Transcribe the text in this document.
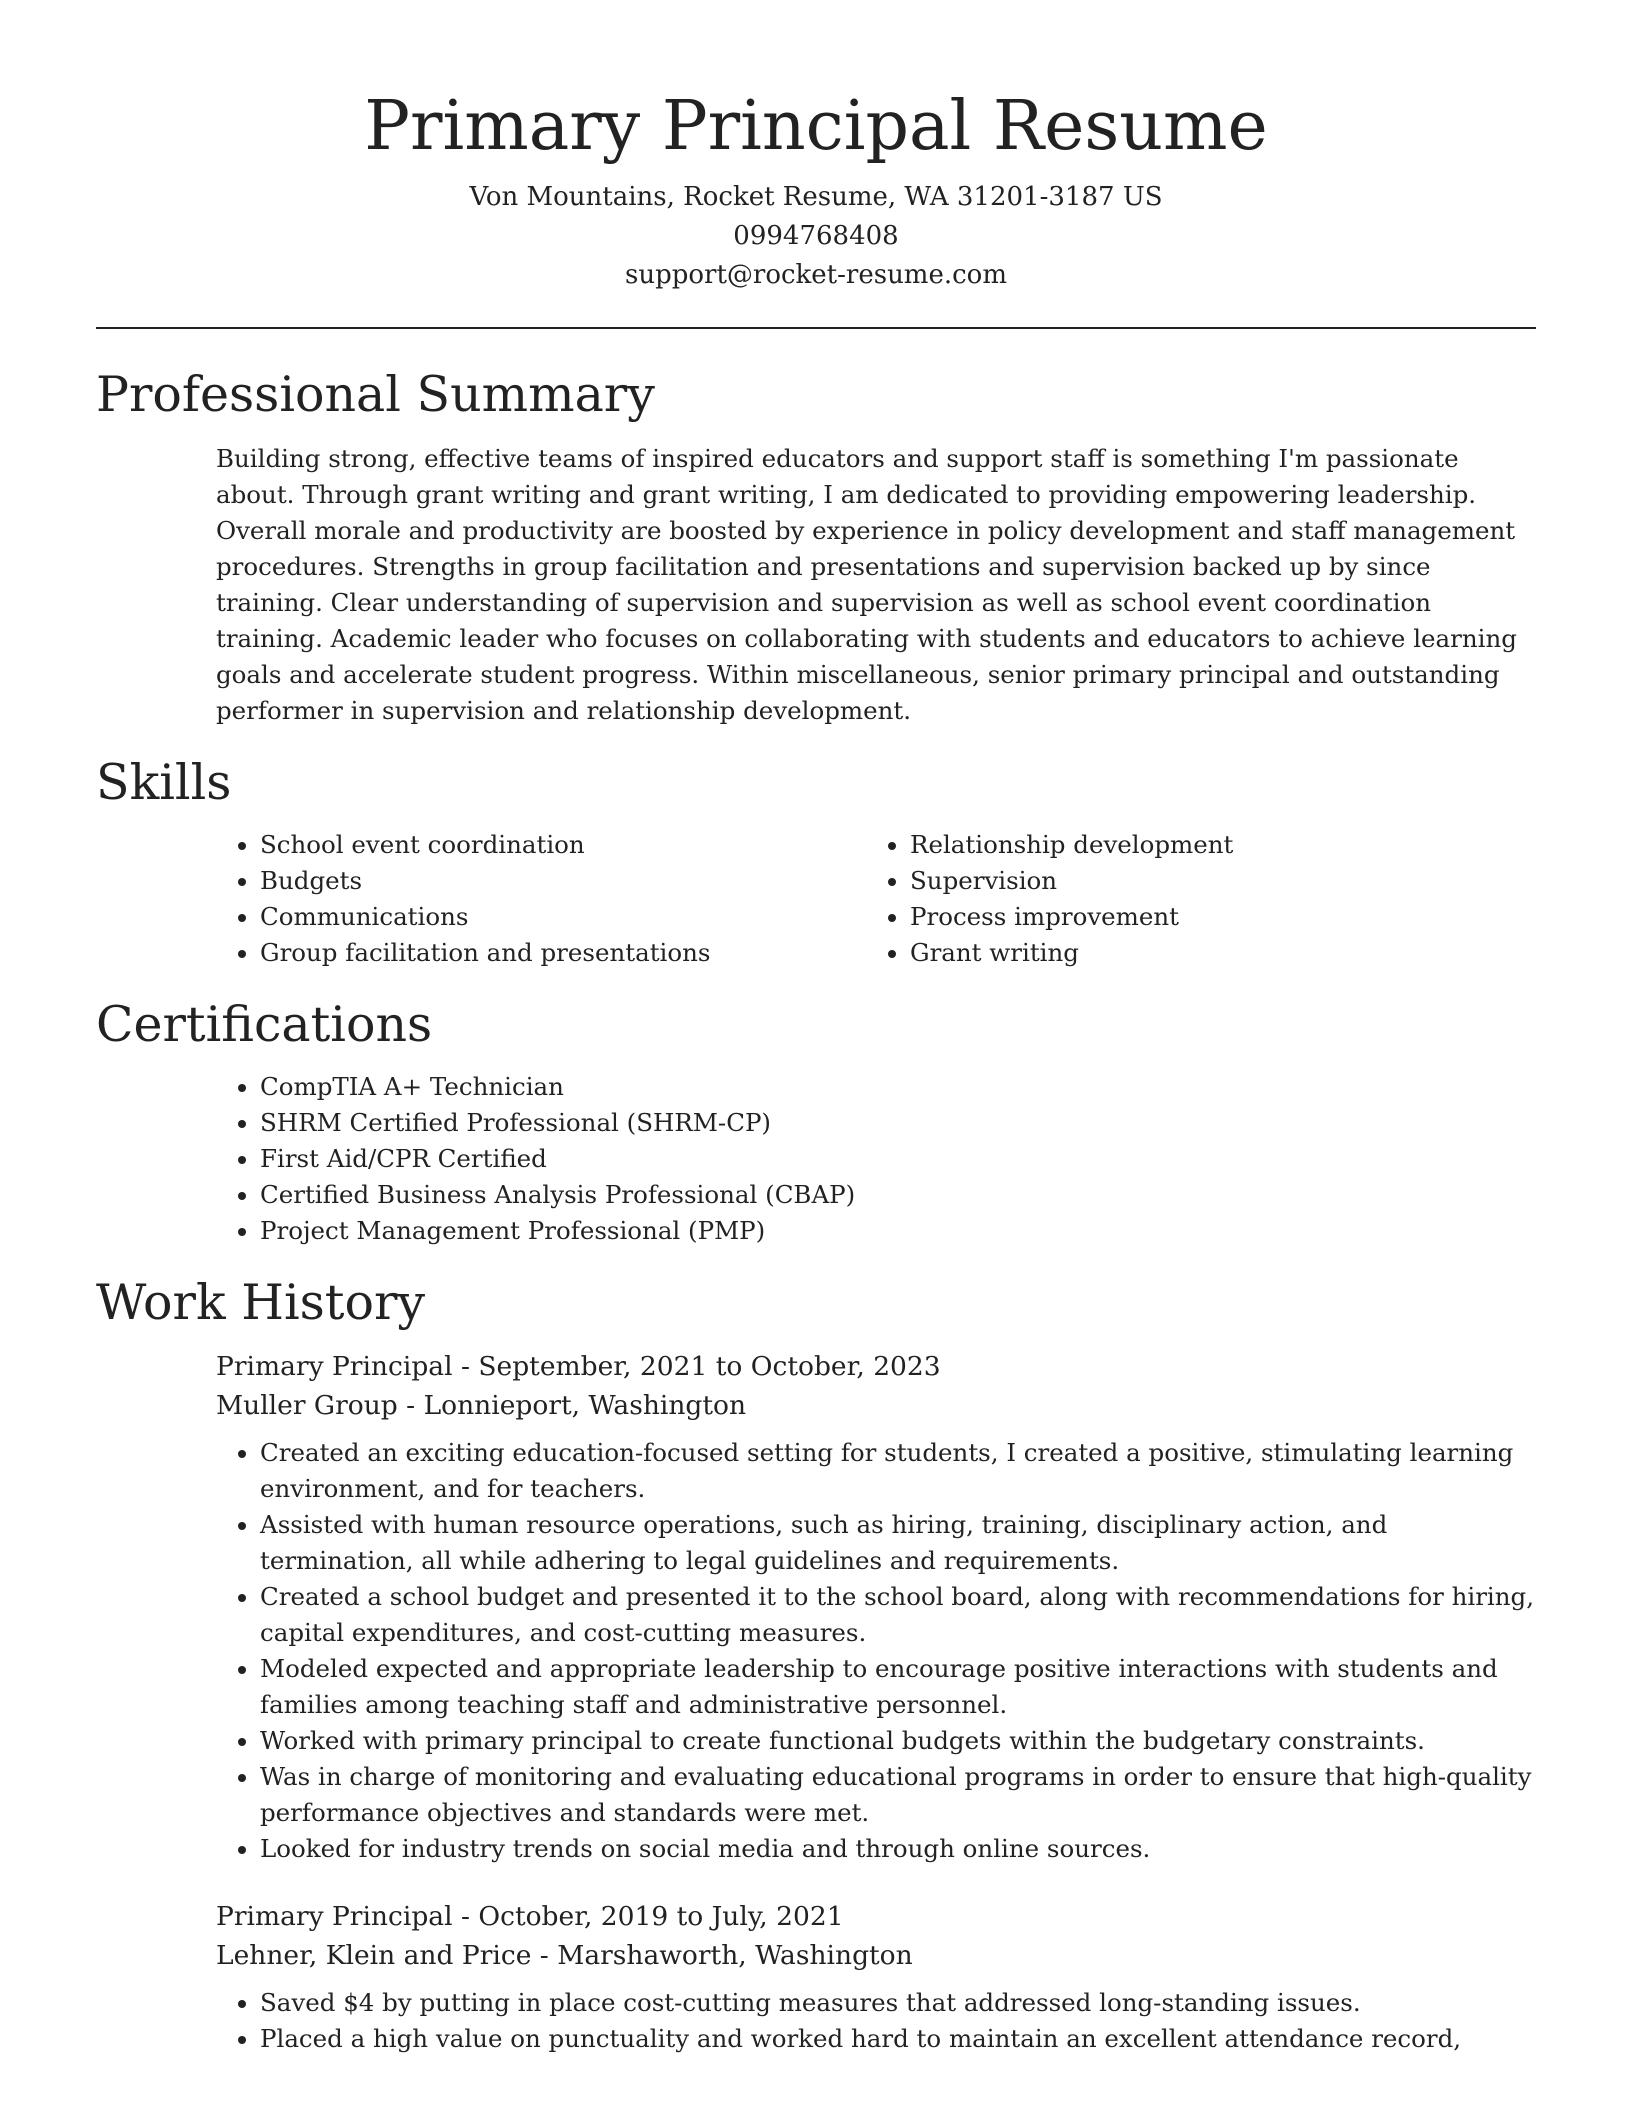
Primary Principal Resume
Von Mountains, Rocket Resume, WA 31201-3187 US
0994768408
support@rocket-resume.com
Professional Summary

Building strong, effective teams of inspired educators and support staff is something I'm passionate about. Through grant writing and grant writing, I am dedicated to providing empowering leadership. Overall morale and productivity are boosted by experience in policy development and staff management procedures. Strengths in group facilitation and presentations and supervision backed up by since training. Clear understanding of supervision and supervision as well as school event coordination training. Academic leader who focuses on collaborating with students and educators to achieve learning goals and accelerate student progress. Within miscellaneous, senior primary principal and outstanding performer in supervision and relationship development.

Skills
• School event coordination
• Budgets
• Communications
• Group facilitation and presentations
• Relationship development
• Supervision
• Process improvement
• Grant writing
Certifications
• CompTIA A+ Technician
• SHRM Certified Professional (SHRM-CP)
• First Aid/CPR Certified
• Certified Business Analysis Professional (CBAP)
• Project Management Professional (PMP)
Work History
Primary Principal - September, 2021 to October, 2023
Muller Group - Lonnieport, Washington
• Created an exciting education-focused setting for students, I created a positive, stimulating learning environment, and for teachers.
• Assisted with human resource operations, such as hiring, training, disciplinary action, and termination, all while adhering to legal guidelines and requirements.
• Created a school budget and presented it to the school board, along with recommendations for hiring, capital expenditures, and cost-cutting measures.
• Modeled expected and appropriate leadership to encourage positive interactions with students and families among teaching staff and administrative personnel.
• Worked with primary principal to create functional budgets within the budgetary constraints.
• Was in charge of monitoring and evaluating educational programs in order to ensure that high-quality performance objectives and standards were met.
• Looked for industry trends on social media and through online sources.
Primary Principal - October, 2019 to July, 2021
Lehner, Klein and Price - Marshaworth, Washington
• Saved $4 by putting in place cost-cutting measures that addressed long-standing issues.
• Placed a high value on punctuality and worked hard to maintain an excellent attendance record,
